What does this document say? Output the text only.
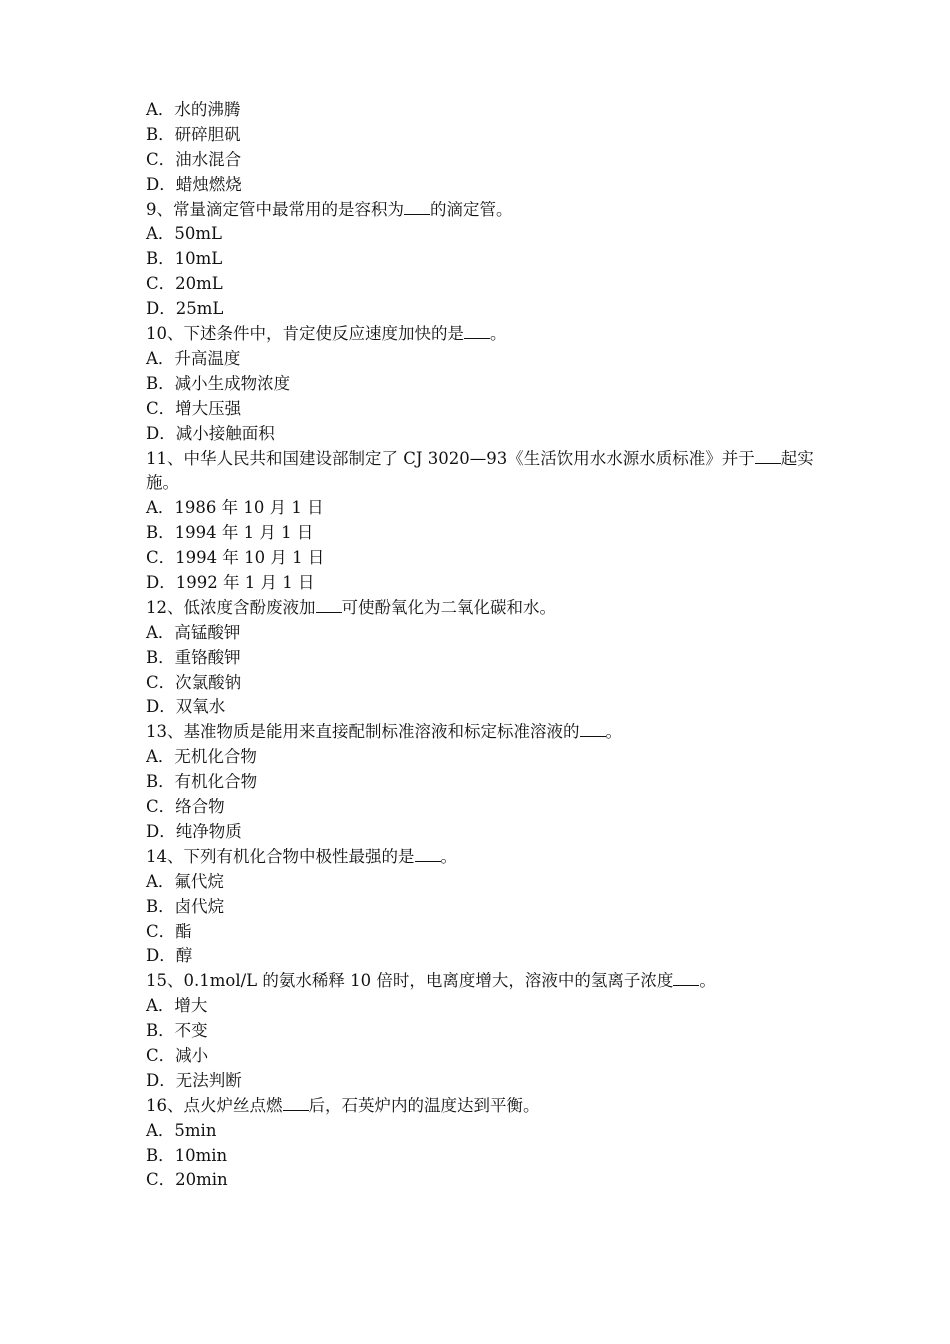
A．水的沸腾
B．研碎胆矾
C．油水混合
D．蜡烛燃烧
9、常量滴定管中最常用的是容积为 的滴定管。
A．50mL
B．10mL
C．20mL
D．25mL
10、下述条件中，肯定使反应速度加快的是 。
A．升高温度
B．减小生成物浓度
C．增大压强
D．减小接触面积
11、中华人民共和国建设部制定了 CJ 3020—93《生活饮用水水源水质标准》并于 起实施。
A．1986 年 10 月 1 日
B．1994 年 1 月 1 日
C．1994 年 10 月 1 日
D．1992 年 1 月 1 日
12、低浓度含酚废液加 可使酚氧化为二氧化碳和水。
A．高锰酸钾
B．重铬酸钾
C．次氯酸钠
D．双氧水
13、基准物质是能用来直接配制标准溶液和标定标准溶液的 。
A．无机化合物
B．有机化合物
C．络合物
D．纯净物质
14、下列有机化合物中极性最强的是 。
A．氟代烷
B．卤代烷
C．酯
D．醇
15、0.1mol/L 的氨水稀释 10 倍时，电离度增大，溶液中的氢离子浓度 。
A．增大
B．不变
C．减小
D．无法判断
16、点火炉丝点燃 后，石英炉内的温度达到平衡。
A．5min
B．10min
C．20min
